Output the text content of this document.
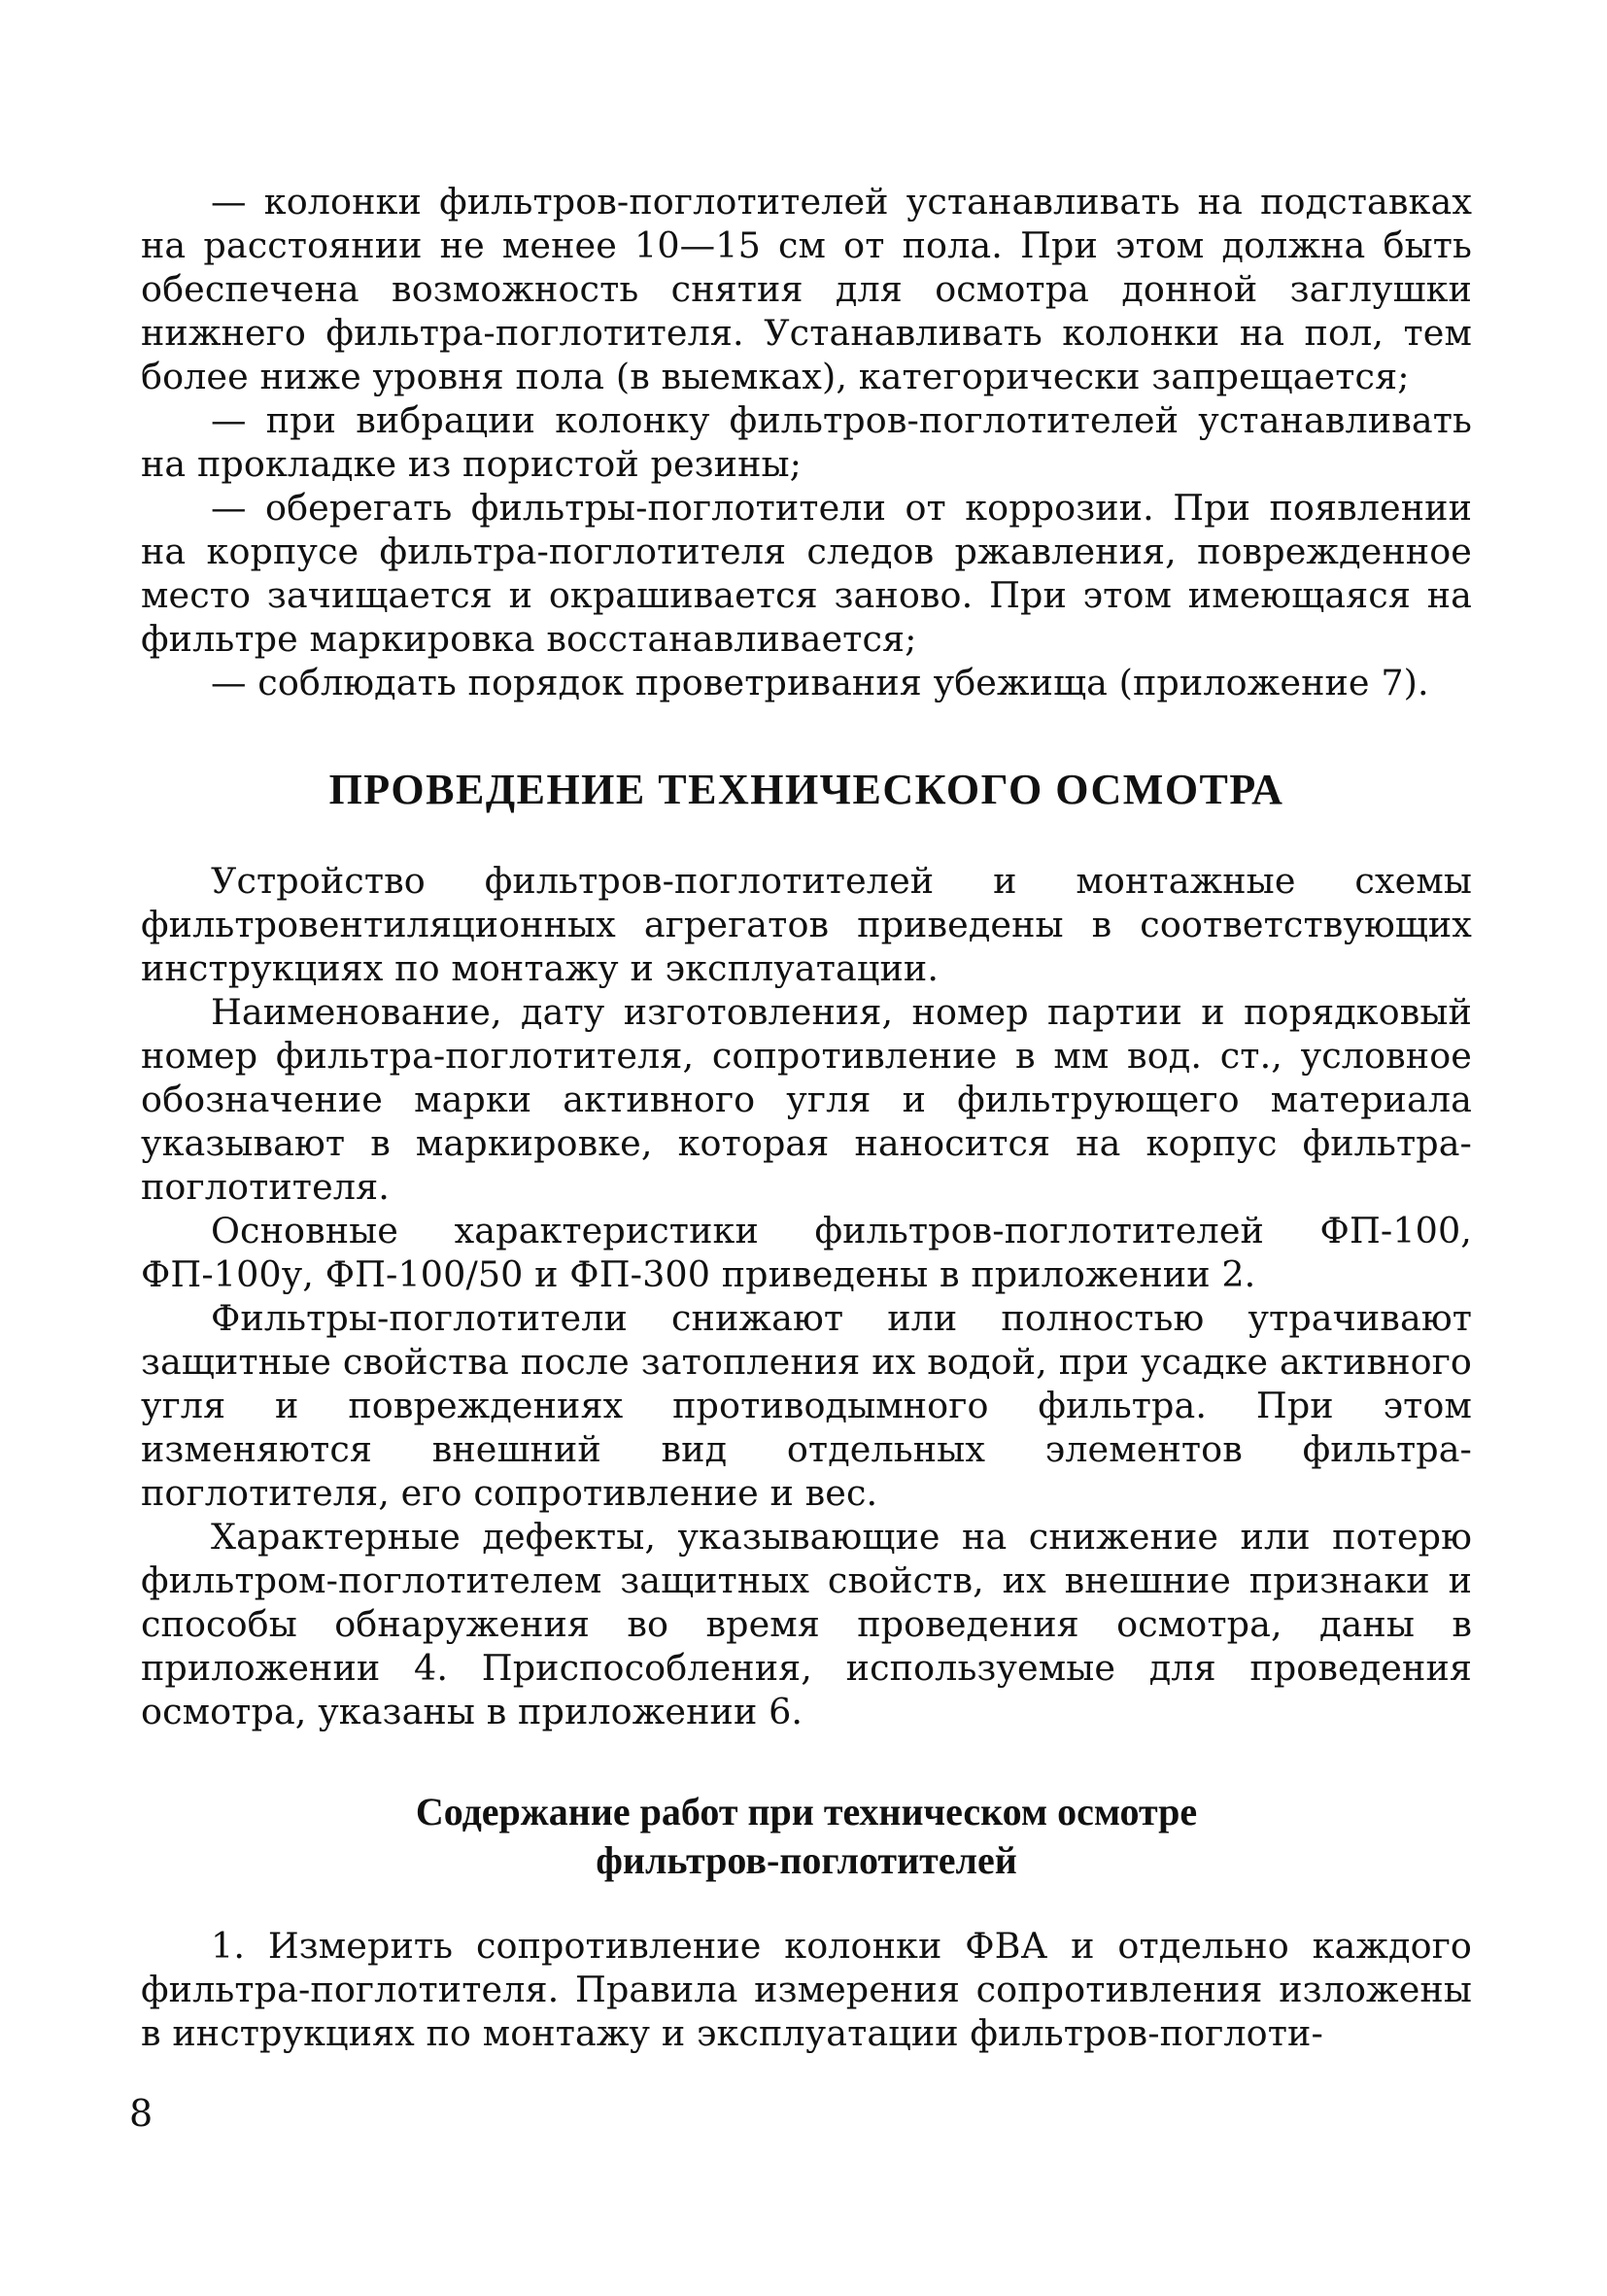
— колонки фильтров-поглотителей устанавливать на подставках на расстоянии не менее 10—15 см от пола. При этом должна быть обеспечена возможность снятия для осмотра донной заглушки нижнего фильтра-поглотителя. Устанавливать колонки на пол, тем более ниже уровня пола (в выемках), категорически запрещается;

— при вибрации колонку фильтров-поглотителей устанавливать на прокладке из пористой резины;

— оберегать фильтры-поглотители от коррозии. При появлении на корпусе фильтра-поглотителя следов ржавления, поврежденное место зачищается и окрашивается заново. При этом имеющаяся на фильтре маркировка восстанавливается;

— соблюдать порядок проветривания убежища (приложение 7).

ПРОВЕДЕНИЕ ТЕХНИЧЕСКОГО ОСМОТРА

Устройство фильтров-поглотителей и монтажные схемы фильтровентиляционных агрегатов приведены в соответствующих инструкциях по монтажу и эксплуатации.

Наименование, дату изготовления, номер партии и порядковый номер фильтра-поглотителя, сопротивление в мм вод. ст., условное обозначение марки активного угля и фильтрующего материала указывают в маркировке, которая наносится на корпус фильтра-поглотителя.

Основные характеристики фильтров-поглотителей ФП-100, ФП-100у, ФП-100/50 и ФП-300 приведены в приложении 2.

Фильтры-поглотители снижают или полностью утрачивают защитные свойства после затопления их водой, при усадке активного угля и повреждениях противодымного фильтра. При этом изменяются внешний вид отдельных элементов фильтра-поглотителя, его сопротивление и вес.

Характерные дефекты, указывающие на снижение или потерю фильтром-поглотителем защитных свойств, их внешние признаки и способы обнаружения во время проведения осмотра, даны в приложении 4. Приспособления, используемые для проведения осмотра, указаны в приложении 6.

Содержание работ при техническом осмотре
фильтров-поглотителей

1. Измерить сопротивление колонки ФВА и отдельно каждого фильтра-поглотителя. Правила измерения сопротивления изложены в инструкциях по монтажу и эксплуатации фильтров-поглоти-

8
